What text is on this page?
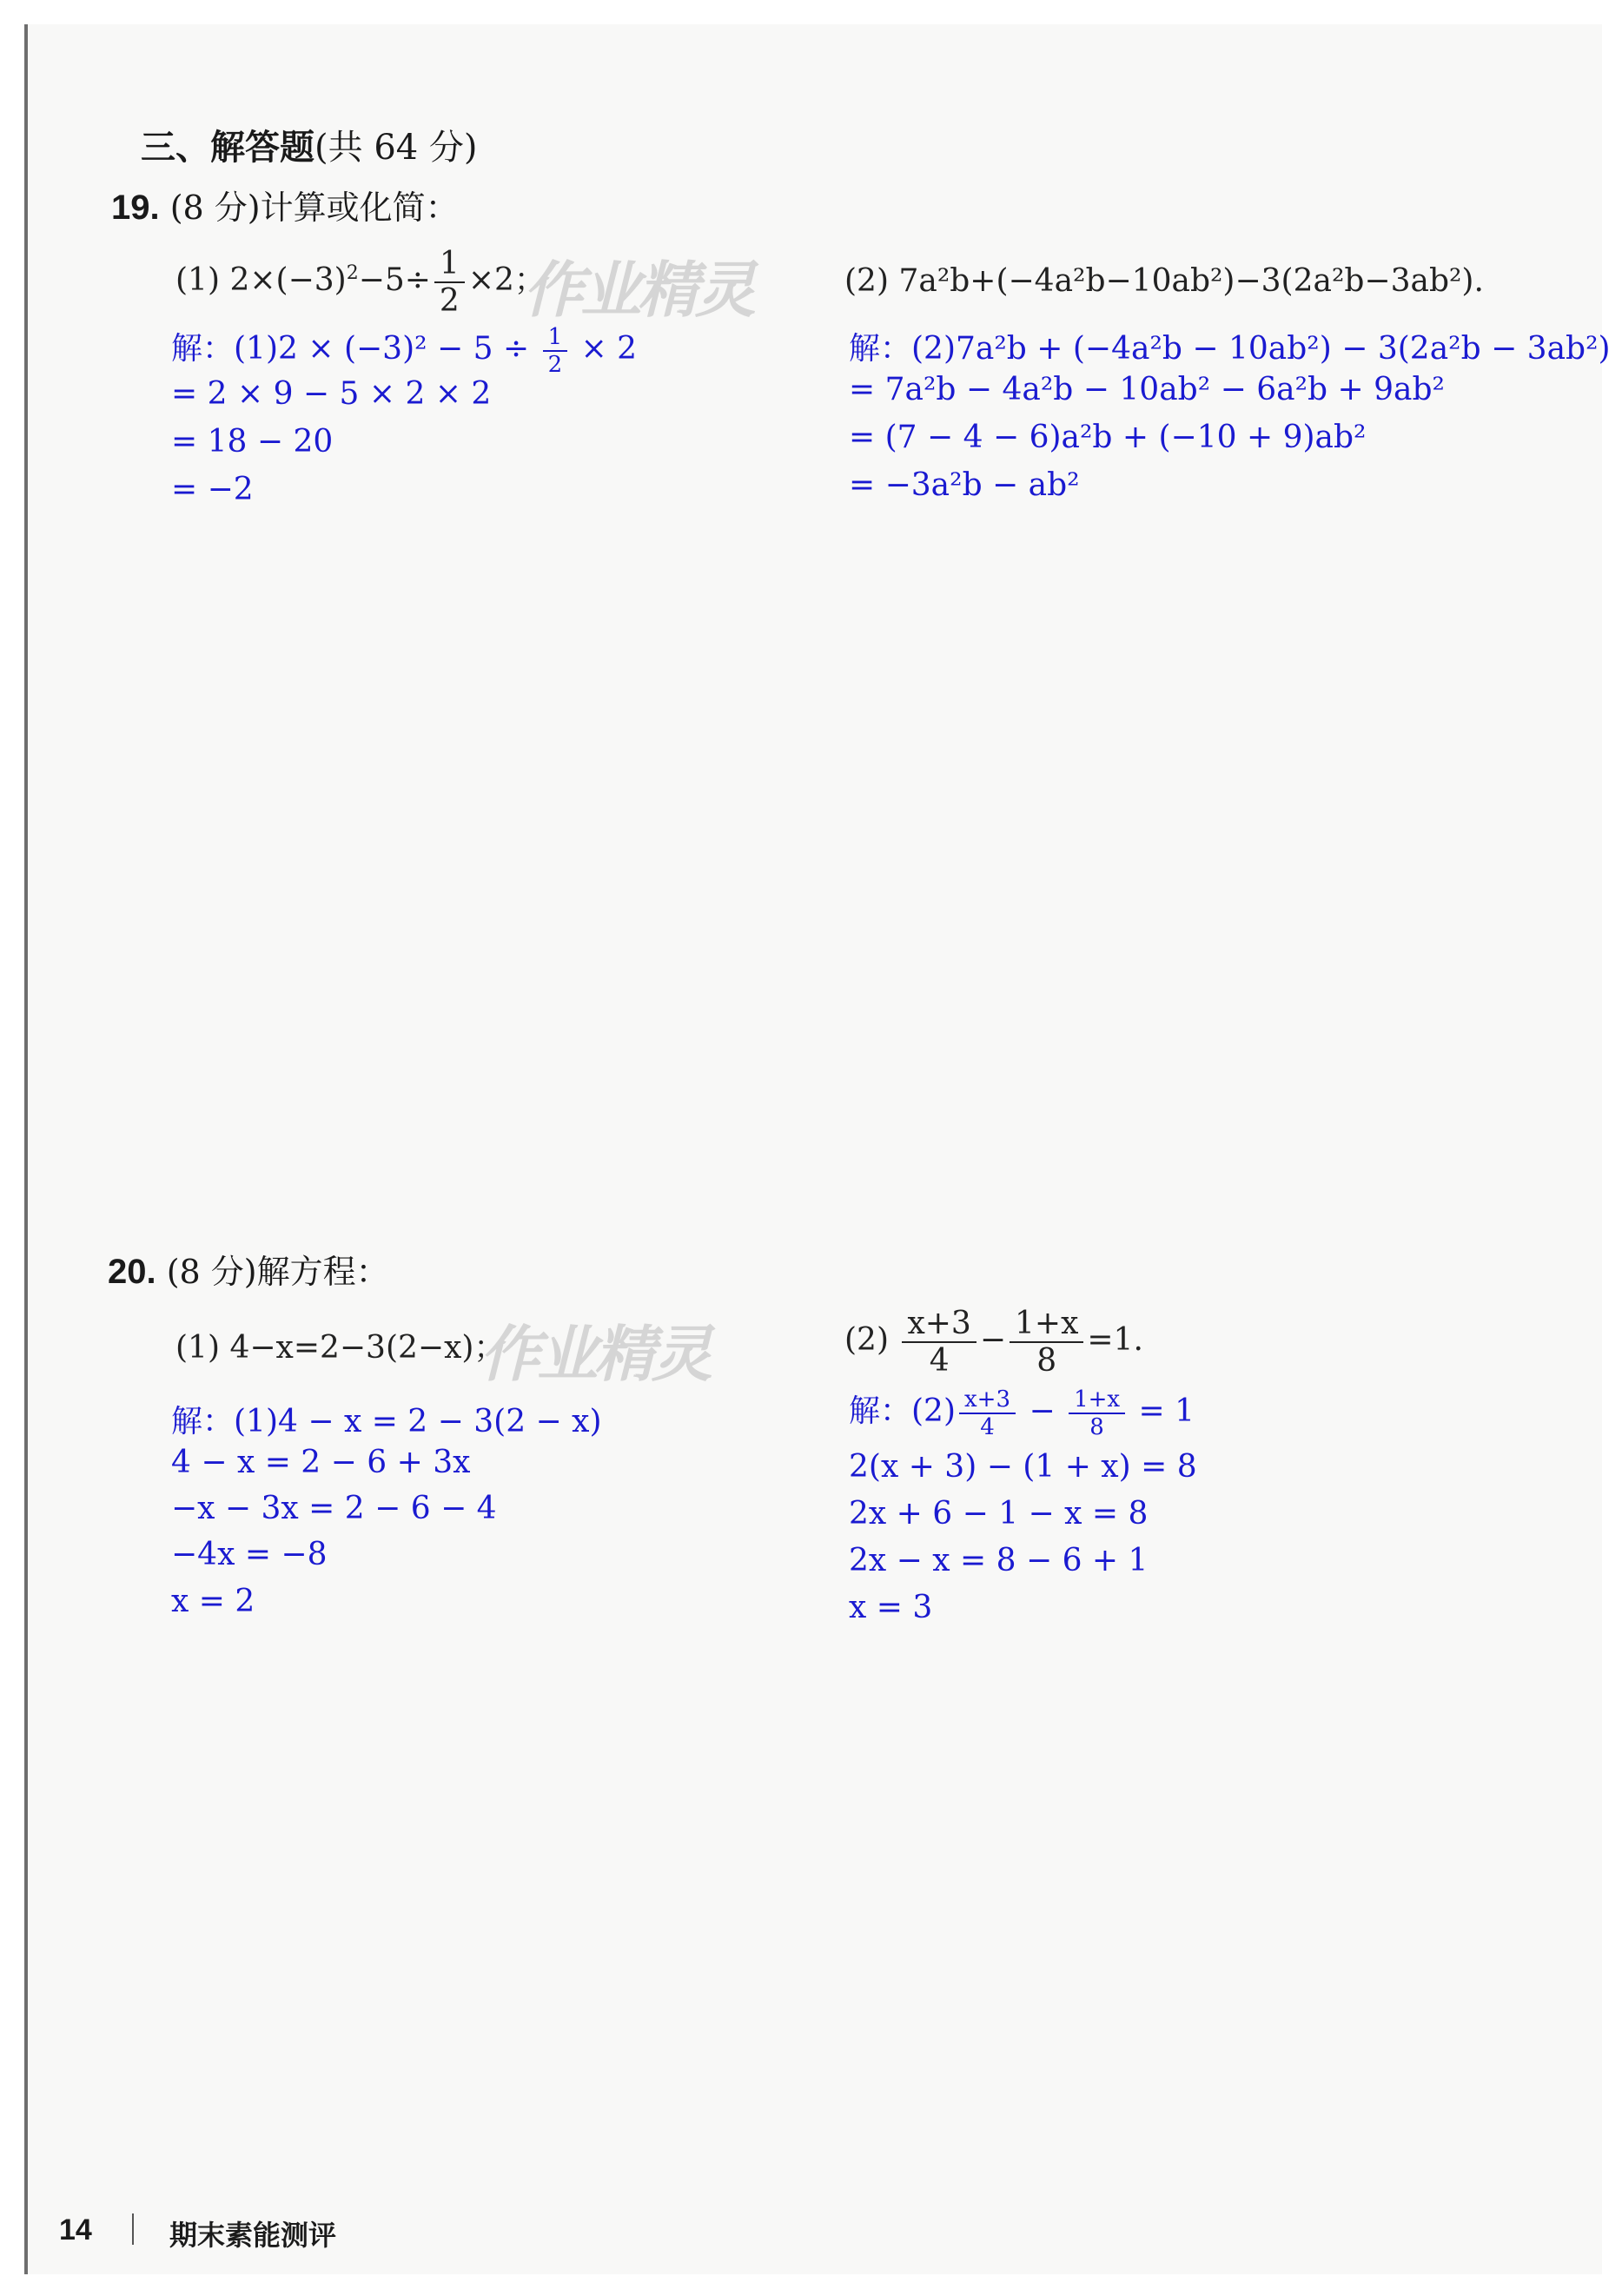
三、解答题(共 64 分)
19. (8 分)计算或化简：
(1) $2\times(-3)^2-5\div \frac{1}{2} \times 2$；
作业精灵	(2) 7a²b+(−4a²b−10ab²)−3(2a²b−3ab²).
解：$(1)2 \times (-3)^2 - 5 \div \frac{1}{2} \times 2$
= 2 × 9 − 5 × 2 × 2
= 18 − 20
= −2
解：(2)7a²b + (−4a²b − 10ab²) − 3(2a²b − 3ab²)
= 7a²b − 4a²b − 10ab² − 6a²b + 9ab²
= (7 − 4 − 6)a²b + (−10 + 9)ab²
= −3a²b − ab²
20. (8 分)解方程：
(1) 4−x=2−3(2−x)；
作业精灵	$(2) \frac{x+3}{4} - \frac{1+x}{8} =1$.
解：(1)4 − x = 2 − 3(2 − x)
4 − x = 2 − 6 + 3x
−x − 3x = 2 − 6 − 4
−4x = −8
x = 2
解：$(2) \frac{x+3}{4} - \frac{1+x}{8} = 1$
2(x + 3) − (1 + x) = 8
2x + 6 − 1 − x = 8
2x − x = 8 − 6 + 1
x = 3
14	期末素能测评
